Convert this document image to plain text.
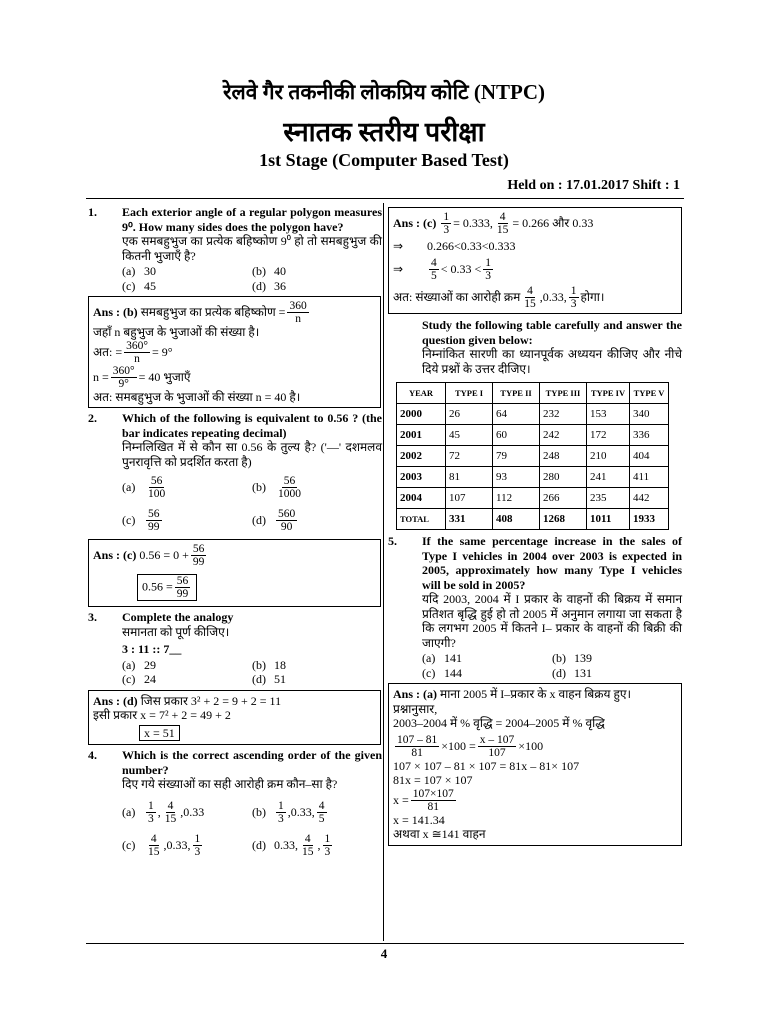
रेलवे गैर तकनीकी लोकप्रिय कोटि (NTPC)
स्नातक स्तरीय परीक्षा
1st Stage (Computer Based Test)
Held on : 17.01.2017 Shift : 1
4
1.	Each exterior angle of a regular polygon measures 9⁰. How many sides does the polygon have?
एक समबहुभुज का प्रत्येक बहिष्कोण 9⁰ हो तो समबहुभुज की कितनी भुजाएँ है?
(a) 30	(b) 40
(c) 45	(d) 36
Ans :
(b)
समबहुभुज का प्रत्येक बहिष्कोण = $\frac{360}{n}$
जहाँ n बहुभुज के भुजाओं की संख्या है।
अत: = $\frac{360^\circ}{n} = 9^\circ$
$n = \frac{360^\circ}{9^\circ} = 40$ भुजाएँ
अत: समबहुभुज के भुजाओं की संख्या n = 40 है।
2.	Which of the following is equivalent to 0.56 ? (the bar indicates repeating decimal)
निम्नलिखित में से कौन सा 0.56 के तुल्य है? ('—' दशमलव पुनरावृत्ति को प्रदर्शित करता है)
$(a) \frac{56}{100}$	$(b) \frac{56}{1000}$
$(c) \frac{56}{99}$	$(d) \frac{560}{90}$
Ans :
(c)
$0.56 = 0 + \frac{56}{99}$
$0.56 = \frac{56}{99}$
3.	Complete the analogy
समानता को पूर्ण कीजिए।
3 : 11 :: 7__
(a) 29	(b) 18
(c) 24	(d) 51
Ans : (d) जिस प्रकार 3² + 2 = 9 + 2 = 11
इसी प्रकार x = 7² + 2 = 49 + 2
x = 51
4.	Which is the correct ascending order of the given number?
दिए गये संख्याओं का सही आरोही क्रम कौन–सा है?
$(a) \frac{1}{3}$ , $\frac{4}{15} ,0.33$	$(b) \frac{1}{3} ,0.33$, $\frac{4}{5}$
$(c) \frac{4}{15} ,0.33$, $\frac{1}{3}$	(d) 0.33, $\frac{4}{15}$ , $\frac{1}{3}$
Ans :
(c)
$\frac{1}{3} = 0.333$, $\frac{4}{15} = 0.266$ और 0.33
⇒	0.266<0.33<0.333
⇒	$\frac{4}{5} < 0.33 < \frac{1}{3}$
अत: संख्याओं का आरोही क्रम $\frac{4}{15} ,0.33$, $\frac{1}{3}$ होगा।
Study the following table carefully and answer the question given below:
निम्नांकित सारणी का ध्यानपूर्वक अध्ययन कीजिए और नीचे दिये प्रश्नों के उत्तर दीजिए।
YEAR	TYPE I	TYPE II	TYPE III	TYPE IV	TYPE V
2000	26	64	232	153	340
2001	45	60	242	172	336
2002	72	79	248	210	404
2003	81	93	280	241	411
2004	107	112	266	235	442
TOTAL	331	408	1268	1011	1933
5.	If the same percentage increase in the sales of Type I vehicles in 2004 over 2003 is expected in 2005, approximately how many Type I vehicles will be sold in 2005?
यदि 2003, 2004 में I प्रकार के वाहनों की बिक्रय में समान प्रतिशत बृद्धि हुई हो तो 2005 में अनुमान लगाया जा सकता है कि लगभग 2005 में कितने I– प्रकार के वाहनों की बिक्री की जाएगी?
(a) 141	(b) 139
(c) 144	(d) 131
Ans : (a) माना 2005 में I–प्रकार के x वाहन बिक्रय हुए।
प्रश्नानुसार,
2003–2004 में % वृद्धि = 2004–2005 में % वृद्धि
$\frac{107 - 81}{81} \times 100 = \frac{x - 107}{107} \times 100$
107 × 107 – 81 × 107 = 81x – 81× 107
81x = 107 × 107
$x = \frac{107\times 107}{81}$
x = 141.34
अथवा x ≅141 वाहन
